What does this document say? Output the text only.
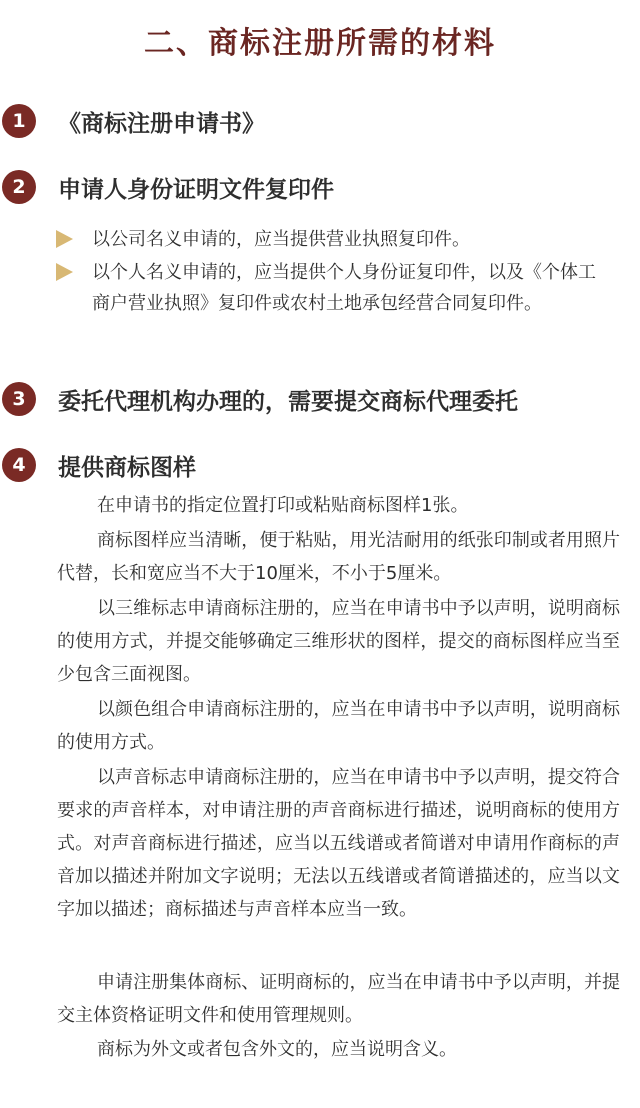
二、商标注册所需的材料
1	《商标注册申请书》
2	申请人身份证明文件复印件
以公司名义申请的，应当提供营业执照复印件。
以个人名义申请的，应当提供个人身份证复印件，以及《个体工商户营业执照》复印件或农村土地承包经营合同复印件。
3	委托代理机构办理的，需要提交商标代理委托
4	提供商标图样
在申请书的指定位置打印或粘贴商标图样1张。
商标图样应当清晰，便于粘贴，用光洁耐用的纸张印制或者用照片代替，长和宽应当不大于10厘米，不小于5厘米。
以三维标志申请商标注册的，应当在申请书中予以声明，说明商标的使用方式，并提交能够确定三维形状的图样，提交的商标图样应当至少包含三面视图。
以颜色组合申请商标注册的，应当在申请书中予以声明，说明商标的使用方式。
以声音标志申请商标注册的，应当在申请书中予以声明，提交符合要求的声音样本，对申请注册的声音商标进行描述，说明商标的使用方式。对声音商标进行描述，应当以五线谱或者简谱对申请用作商标的声音加以描述并附加文字说明；无法以五线谱或者简谱描述的，应当以文字加以描述；商标描述与声音样本应当一致。
申请注册集体商标、证明商标的，应当在申请书中予以声明，并提交主体资格证明文件和使用管理规则。
商标为外文或者包含外文的，应当说明含义。
